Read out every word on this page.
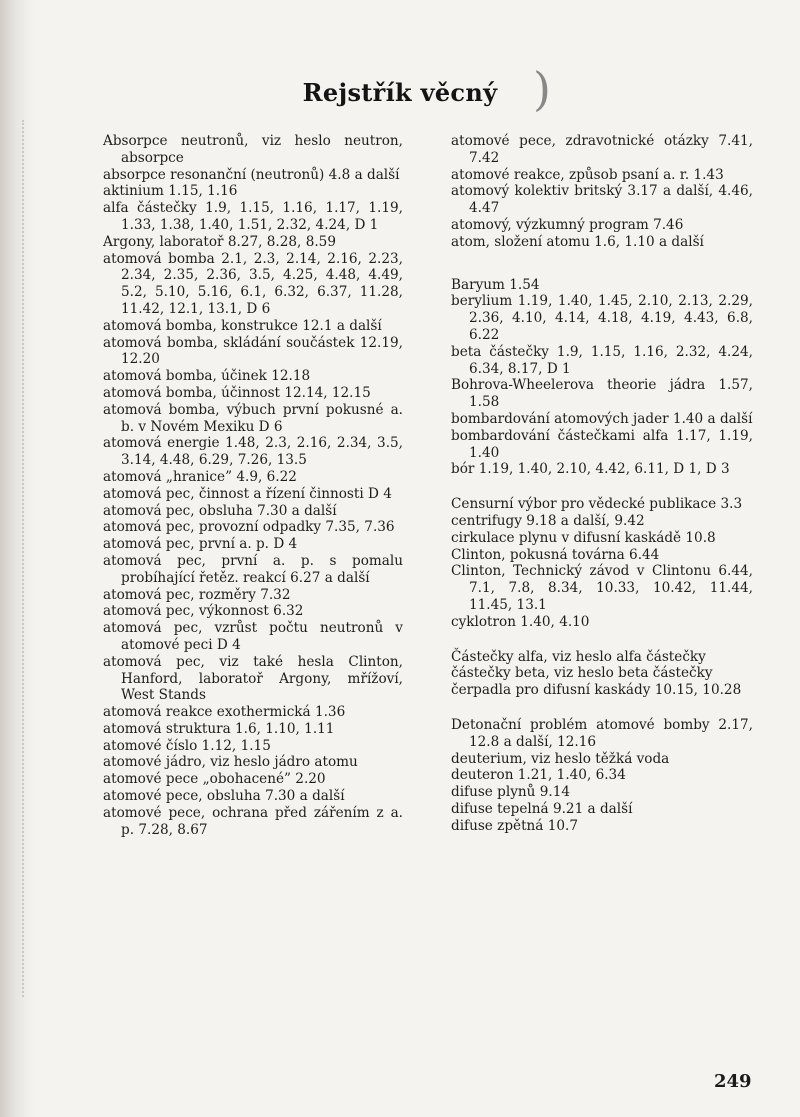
Rejstřík věcný )

Absorpce neutronů, viz heslo neutron, absorpce

absorpce resonanční (neutronů) 4.8 a další

aktinium 1.15, 1.16

alfa částečky 1.9, 1.15, 1.16, 1.17, 1.19, 1.33, 1.38, 1.40, 1.51, 2.32, 4.24, D 1

Argony, laboratoř 8.27, 8.28, 8.59

atomová bomba 2.1, 2.3, 2.14, 2.16, 2.23, 2.34, 2.35, 2.36, 3.5, 4.25, 4.48, 4.49, 5.2, 5.10, 5.16, 6.1, 6.32, 6.37, 11.28, 11.42, 12.1, 13.1, D 6

atomová bomba, konstrukce 12.1 a další

atomová bomba, skládání součástek 12.19, 12.20

atomová bomba, účinek 12.18

atomová bomba, účinnost 12.14, 12.15

atomová bomba, výbuch první pokusné a. b. v Novém Mexiku D 6

atomová energie 1.48, 2.3, 2.16, 2.34, 3.5, 3.14, 4.48, 6.29, 7.26, 13.5

atomová „hranice” 4.9, 6.22

atomová pec, činnost a řízení činnosti D 4

atomová pec, obsluha 7.30 a další

atomová pec, provozní odpadky 7.35, 7.36

atomová pec, první a. p. D 4

atomová pec, první a. p. s pomalu probíhající řetěz. reakcí 6.27 a další

atomová pec, rozměry 7.32

atomová pec, výkonnost 6.32

atomová pec, vzrůst počtu neutronů v atomové peci D 4

atomová pec, viz také hesla Clinton, Hanford, laboratoř Argony, mřížoví, West Stands

atomová reakce exothermická 1.36

atomová struktura 1.6, 1.10, 1.11

atomové číslo 1.12, 1.15

atomové jádro, viz heslo jádro atomu

atomové pece „obohacené” 2.20

atomové pece, obsluha 7.30 a další

atomové pece, ochrana před zářením z a. p. 7.28, 8.67

atomové pece, zdravotnické otázky 7.41, 7.42

atomové reakce, způsob psaní a. r. 1.43

atomový kolektiv britský 3.17 a další, 4.46, 4.47

atomový, výzkumný program 7.46

atom, složení atomu 1.6, 1.10 a další

Baryum 1.54

berylium 1.19, 1.40, 1.45, 2.10, 2.13, 2.29, 2.36, 4.10, 4.14, 4.18, 4.19, 4.43, 6.8, 6.22

beta částečky 1.9, 1.15, 1.16, 2.32, 4.24, 6.34, 8.17, D 1

Bohrova-Wheelerova theorie jádra 1.57, 1.58

bombardování atomových jader 1.40 a další

bombardování částečkami alfa 1.17, 1.19, 1.40

bór 1.19, 1.40, 2.10, 4.42, 6.11, D 1, D 3

Censurní výbor pro vědecké publikace 3.3

centrifugy 9.18 a další, 9.42

cirkulace plynu v difusní kaskádě 10.8

Clinton, pokusná továrna 6.44

Clinton, Technický závod v Clintonu 6.44, 7.1, 7.8, 8.34, 10.33, 10.42, 11.44, 11.45, 13.1

cyklotron 1.40, 4.10

Částečky alfa, viz heslo alfa částečky

částečky beta, viz heslo beta částečky

čerpadla pro difusní kaskády 10.15, 10.28

Detonační problém atomové bomby 2.17, 12.8 a další, 12.16

deuterium, viz heslo těžká voda

deuteron 1.21, 1.40, 6.34

difuse plynů 9.14

difuse tepelná 9.21 a další

difuse zpětná 10.7

249
